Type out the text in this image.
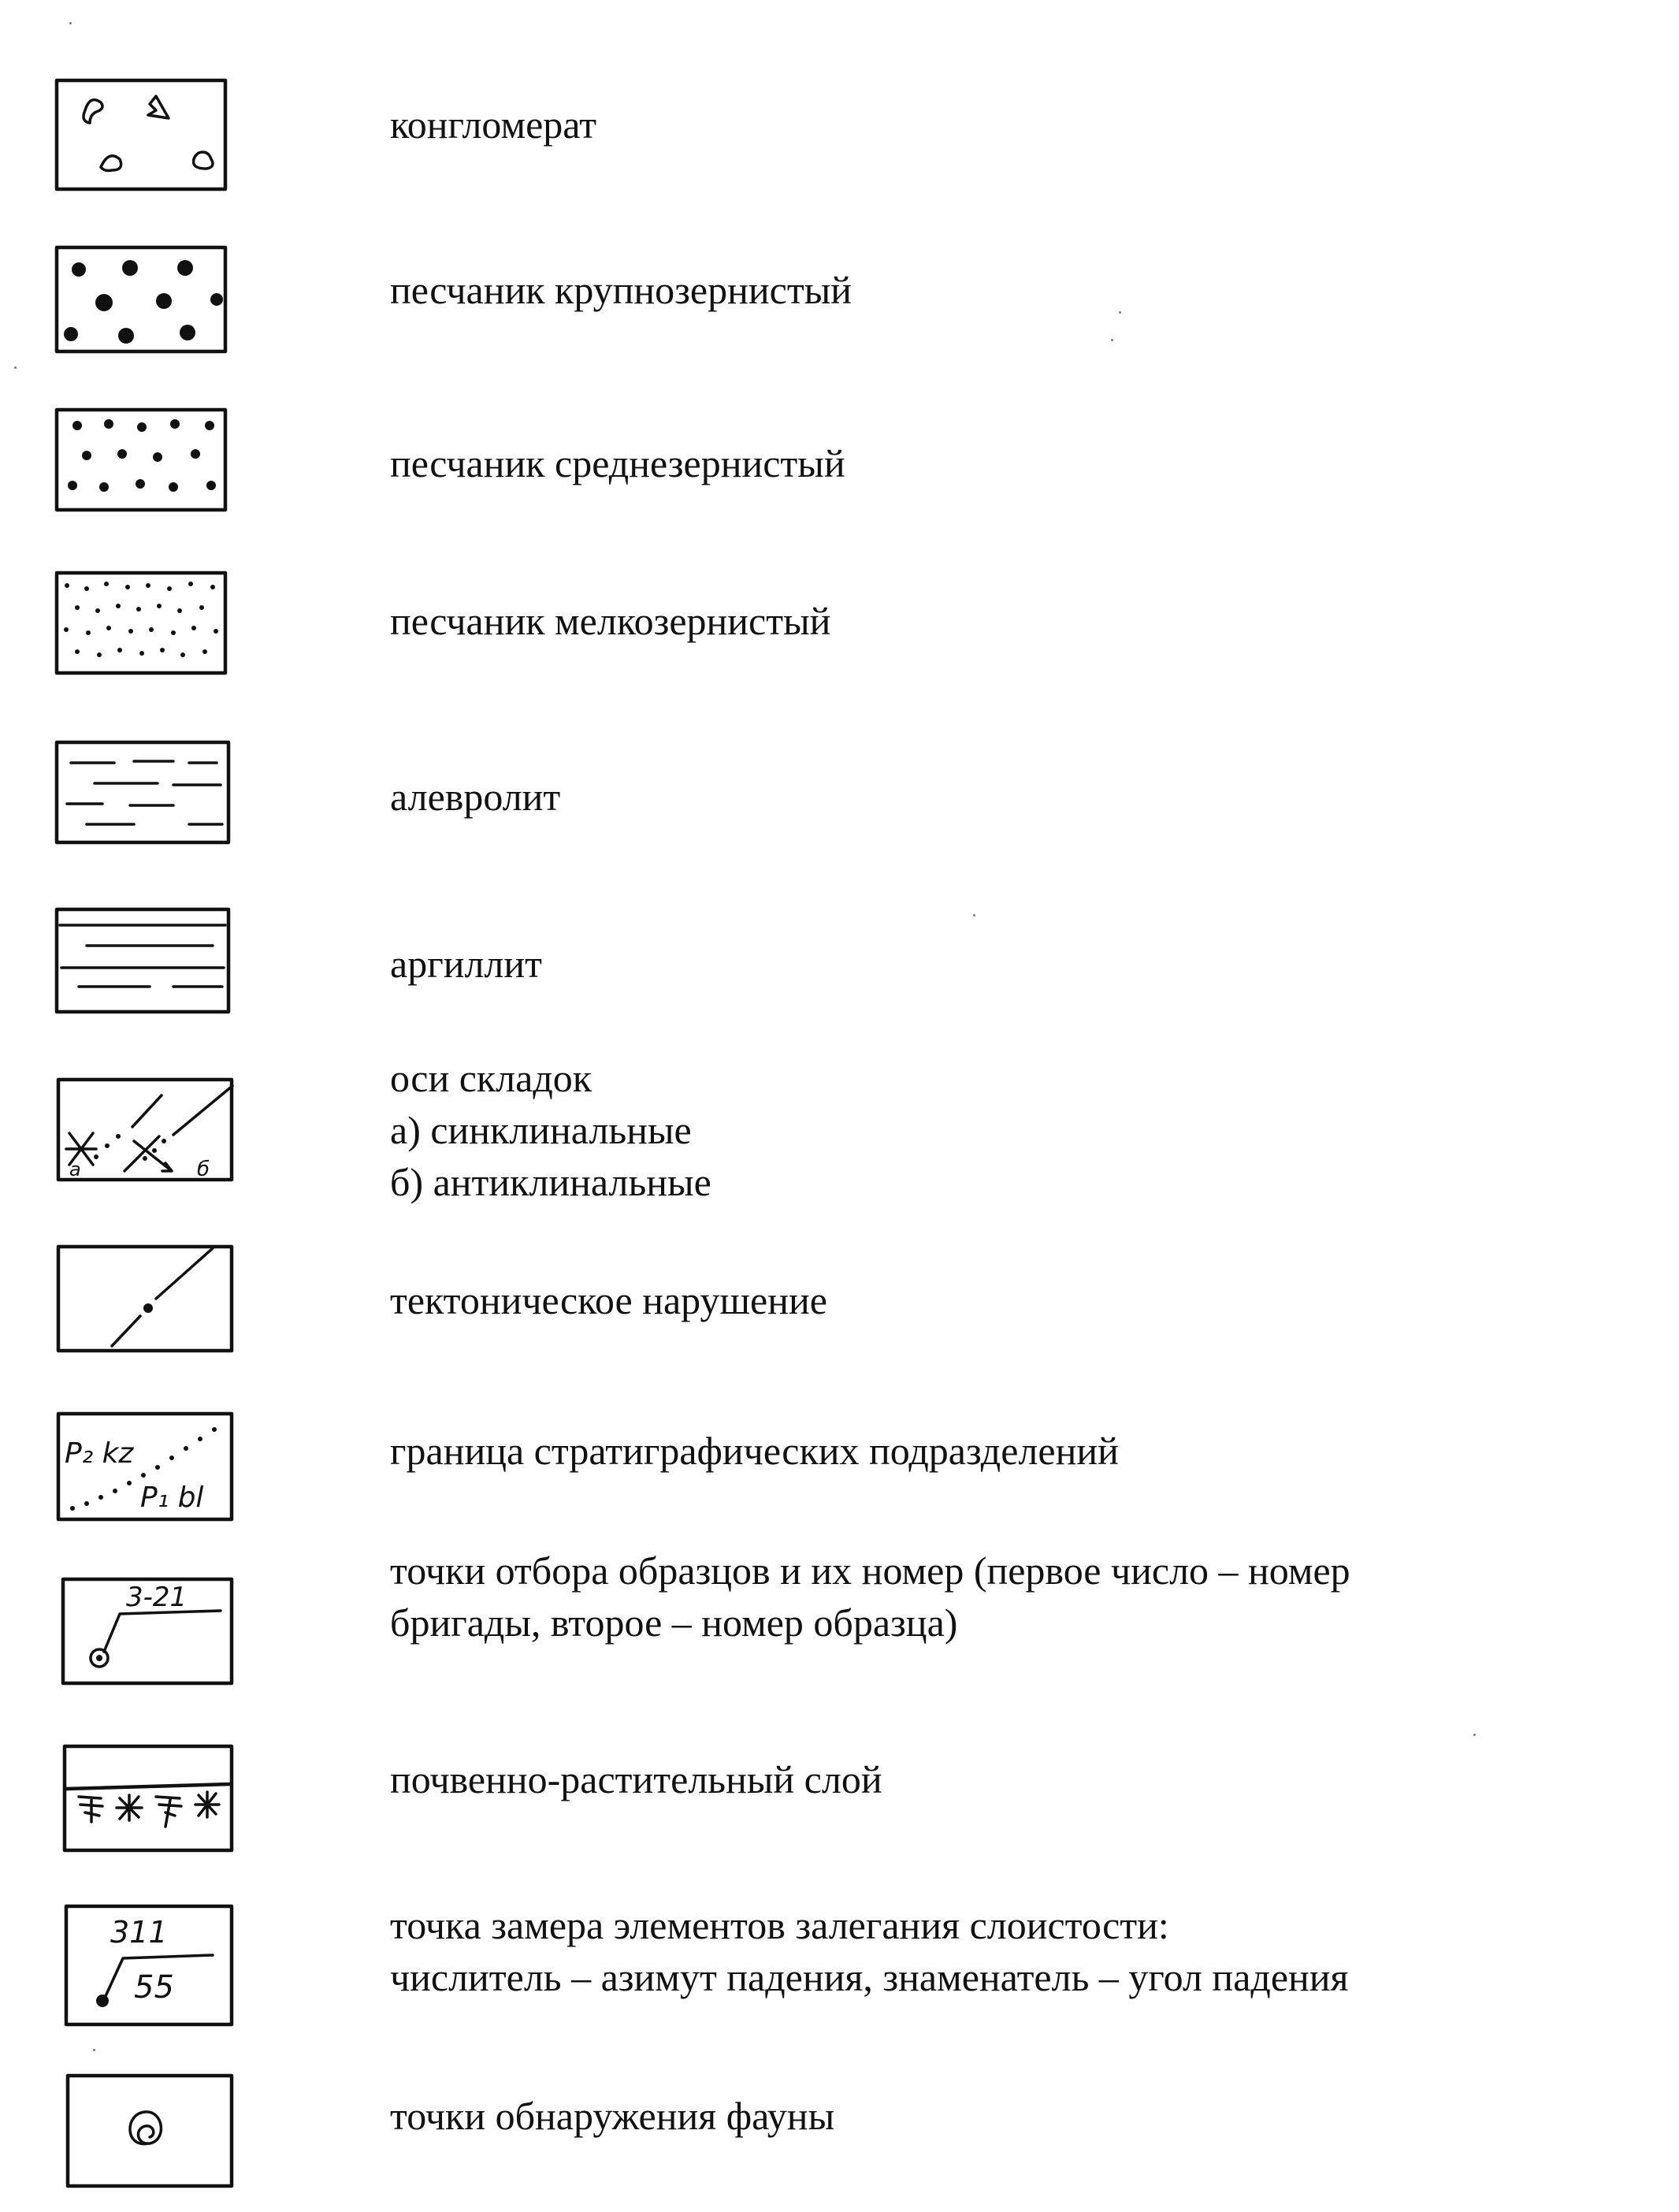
конгломерат
песчаник крупнозернистый
песчаник среднезернистый
песчаник мелкозернистый
алевролит
аргиллит
а	б
оси складок
а) синклинальные
б) антиклинальные
тектоническое нарушение
P₂ kz
P₁ bl
граница стратиграфических подразделений
3-21
точки отбора образцов и их номер (первое число – номер
бригады, второе – номер образца)
почвенно-растительный слой
311
55
точка замера элементов залегания слоистости:
числитель – азимут падения, знаменатель – угол падения
точки обнаружения фауны
